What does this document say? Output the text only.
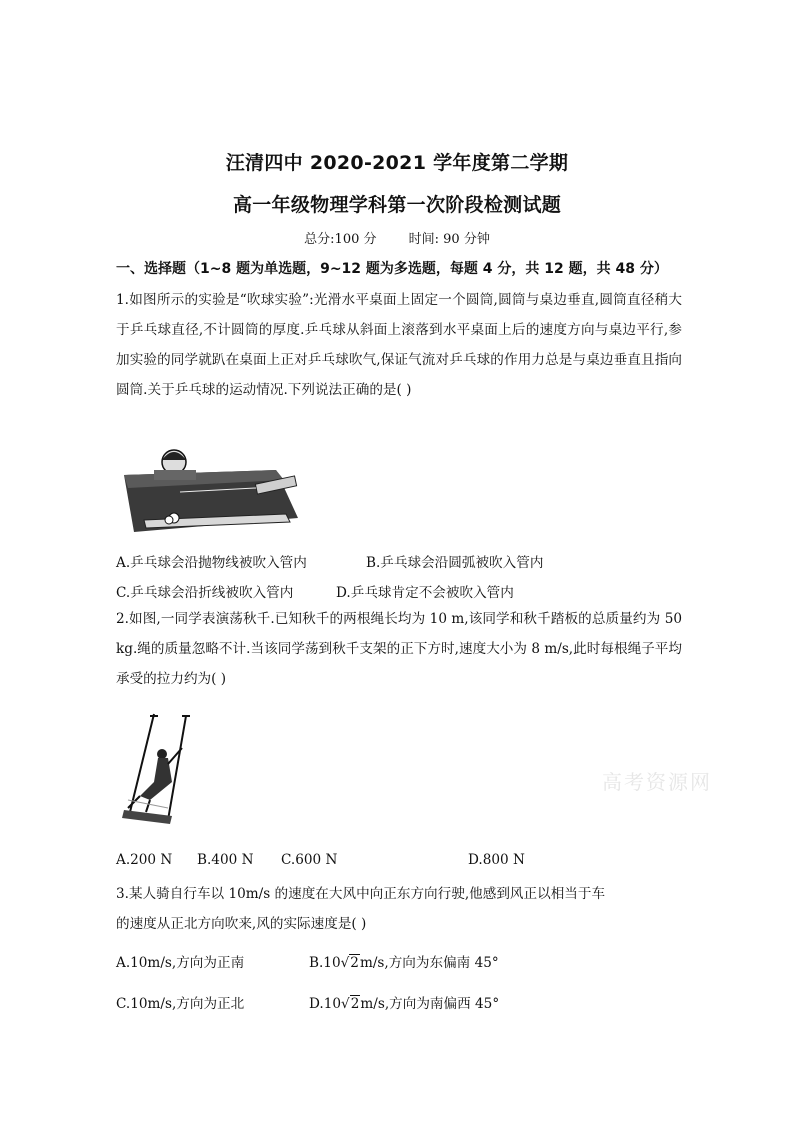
汪清四中 2020-2021 学年度第二学期
高一年级物理学科第一次阶段检测试题
总分:100 分 时间: 90 分钟
一、选择题（1~8 题为单选题，9~12 题为多选题，每题 4 分，共 12 题，共 48 分）
1.如图所示的实验是“吹球实验”:光滑水平桌面上固定一个圆筒,圆筒与桌边垂直,圆筒直径稍大于乒乓球直径,不计圆筒的厚度.乒乓球从斜面上滚落到水平桌面上后的速度方向与桌边平行,参加实验的同学就趴在桌面上正对乒乓球吹气,保证气流对乒乓球的作用力总是与桌边垂直且指向圆筒.关于乒乓球的运动情况.下列说法正确的是( )
A.乒乓球会沿抛物线被吹入管内	B.乒乓球会沿圆弧被吹入管内
C.乒乓球会沿折线被吹入管内	D.乒乓球肯定不会被吹入管内
2.如图,一同学表演荡秋千.已知秋千的两根绳长均为 10 m,该同学和秋千踏板的总质量约为 50 kg.绳的质量忽略不计.当该同学荡到秋千支架的正下方时,速度大小为 8 m/s,此时每根绳子平均承受的拉力约为( )
A.200 N B.400 N C.600 N	D.800 N
3.某人骑自行车以 10m/s 的速度在大风中向正东方向行驶,他感到风正以相当于车
的速度从正北方向吹来,风的实际速度是( )
A.10m/s,方向为正南	B.10√2m/s,方向为东偏南 45°
C.10m/s,方向为正北	D.10√2m/s,方向为南偏西 45°
高考资源网
